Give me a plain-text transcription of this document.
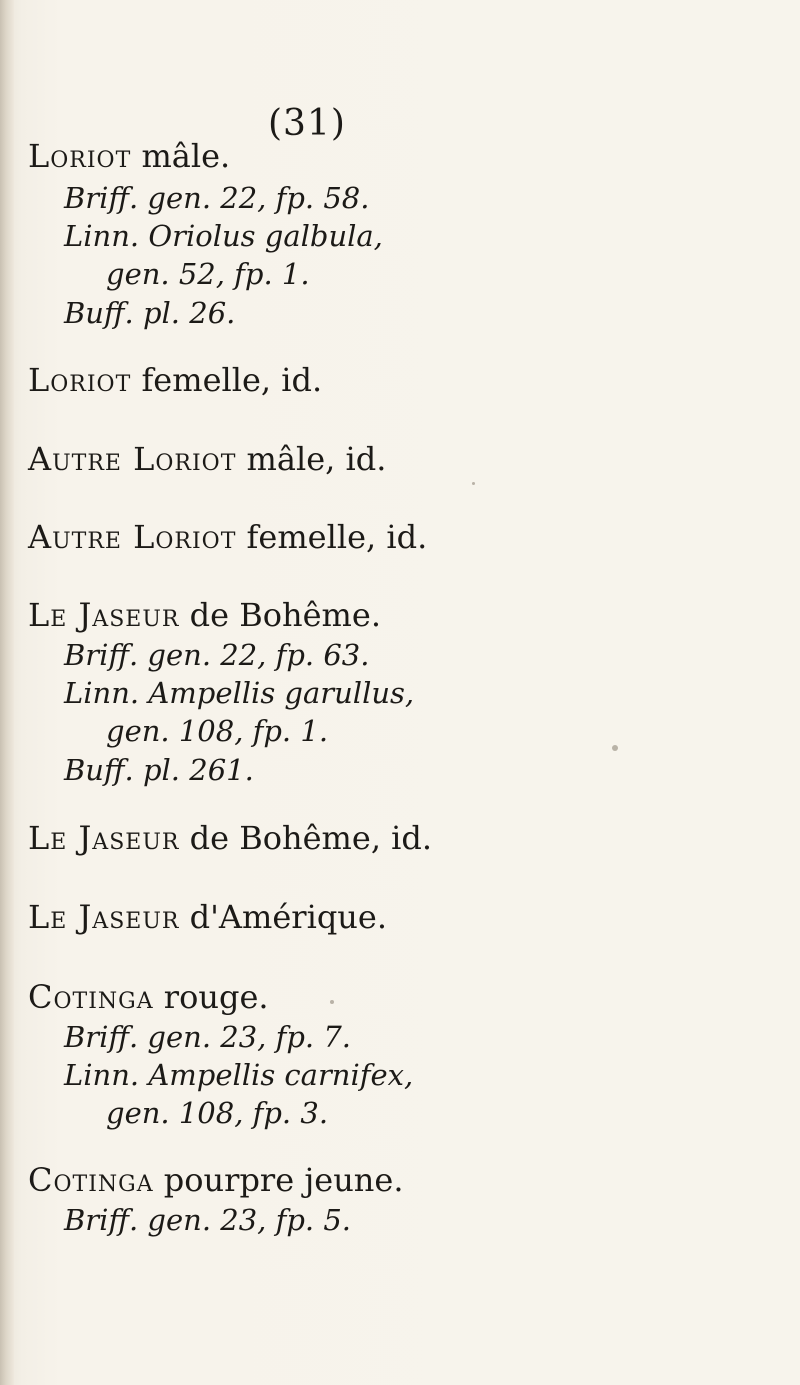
(31)
Loriot mâle.
Briff. gen. 22, fp. 58.
Linn. Oriolus galbula,
gen. 52, fp. 1.
Buff. pl. 26.
Loriot femelle, id.
Autre Loriot mâle, id.
Autre Loriot femelle, id.
Le Jaseur de Bohême.
Briff. gen. 22, fp. 63.
Linn. Ampellis garullus,
gen. 108, fp. 1.
Buff. pl. 261.
Le Jaseur de Bohême, id.
Le Jaseur d'Amérique.
Cotinga rouge.
Briff. gen. 23, fp. 7.
Linn. Ampellis carnifex,
gen. 108, fp. 3.
Cotinga pourpre jeune.
Briff. gen. 23, fp. 5.
